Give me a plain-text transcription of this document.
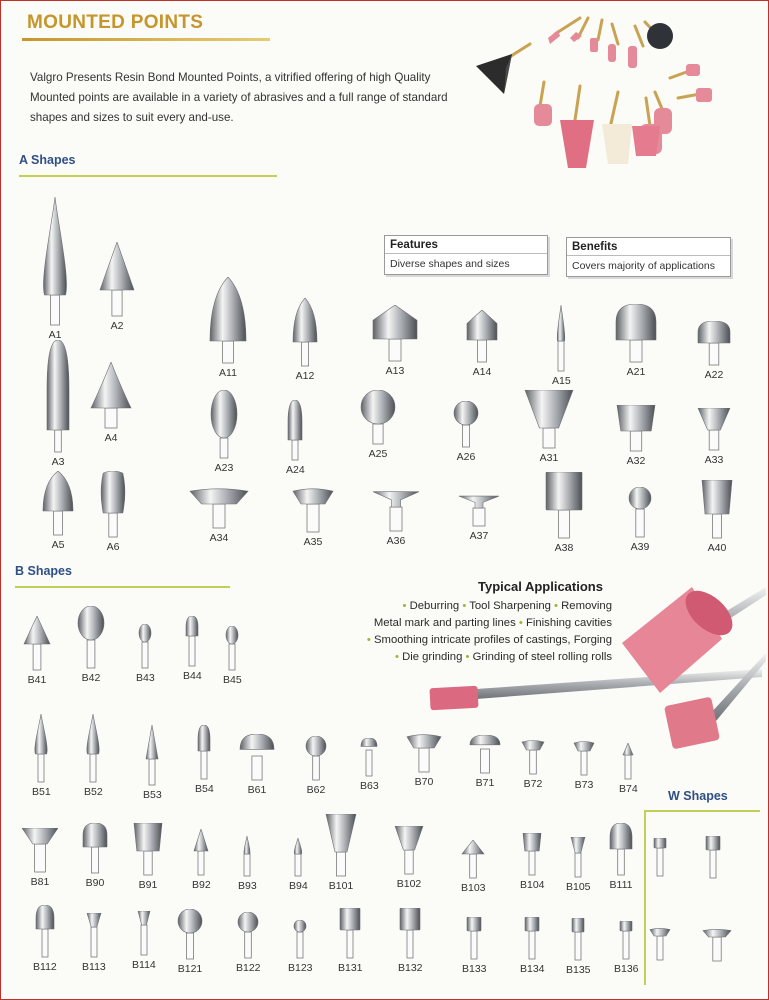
MOUNTED POINTS
Valgro Presents Resin Bond Mounted Points, a vitrified offering of high Quality Mounted points are available in a variety of abrasives and a full range of standard shapes and sizes to suit every and-use.
A Shapes
B Shapes
W Shapes
Features
Diverse shapes and sizes
Benefits
Covers majority of applications
Typical Applications
• Deburring • Tool Sharpening • Removing
Metal mark and parting lines • Finishing cavities
• Smoothing intricate profiles of castings, Forging
• Die grinding • Grinding of steel rolling rolls
A1
A2
A3
A4
A5	A6
A11	A12	A13	A14
A15
A21	A22
A23	A24
A25	A26	A31	A32	A33
A34	A35	A36	A37
A38	A39	A40
B41	B42	B43	B44 B45
B51	B52	B53	B54	B61	B62	B63	B70	B71	B72	B73 B74
B81	B90	B91	B92	B93	B94 B101	B102	B103	B104 B105 B111
B112 B113	B114 B121	B122	B123 B131	B132	B133	B134 B135 B136
